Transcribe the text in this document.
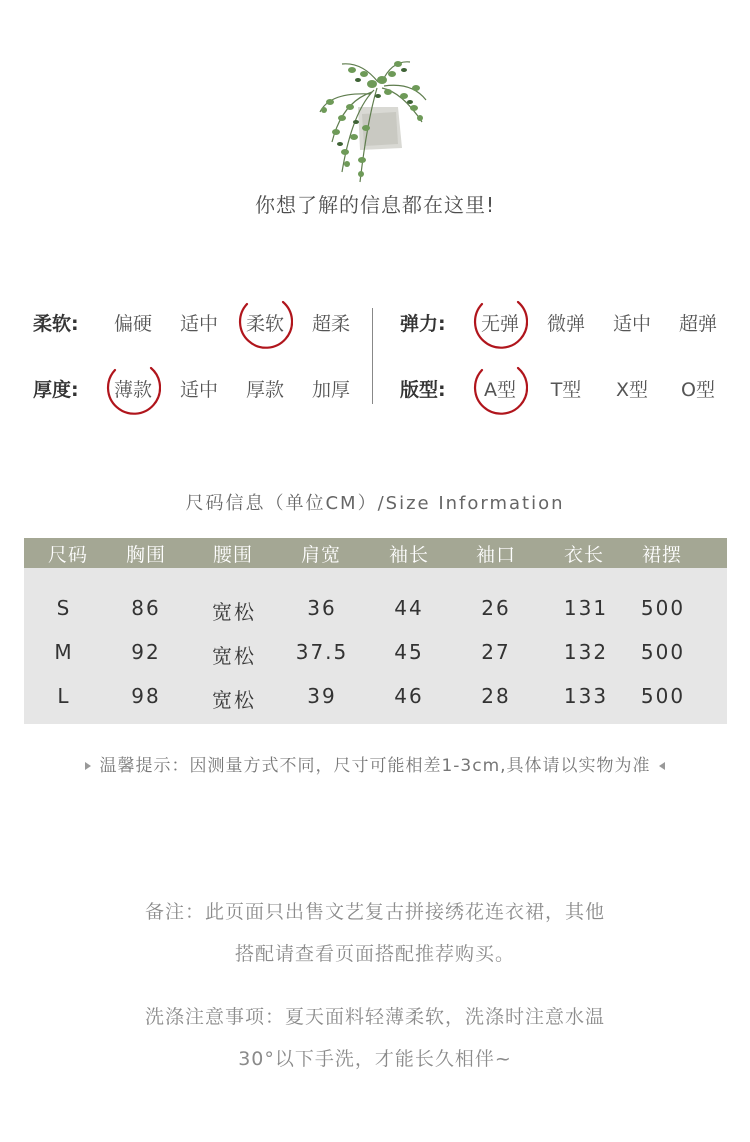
你想了解的信息都在这里!
柔软:	偏硬	适中	柔软	超柔
厚度:	薄款	适中	厚款	加厚
弹力:	无弹	微弹	适中	超弹
版型:	A型	T型	X型	O型
尺码信息（单位CM）/Size Information
尺码	胸围	腰围	肩宽	袖长	袖口	衣长	裙摆
S	86	宽松	36	44	26	131	500
M	92	宽松	37.5	45	27	132	500
L	98	宽松	39	46	28	133	500
温馨提示：因测量方式不同，尺寸可能相差1-3cm,具体请以实物为准
备注：此页面只出售文艺复古拼接绣花连衣裙，其他
搭配请查看页面搭配推荐购买。
洗涤注意事项：夏天面料轻薄柔软，洗涤时注意水温
30°以下手洗，才能长久相伴~
